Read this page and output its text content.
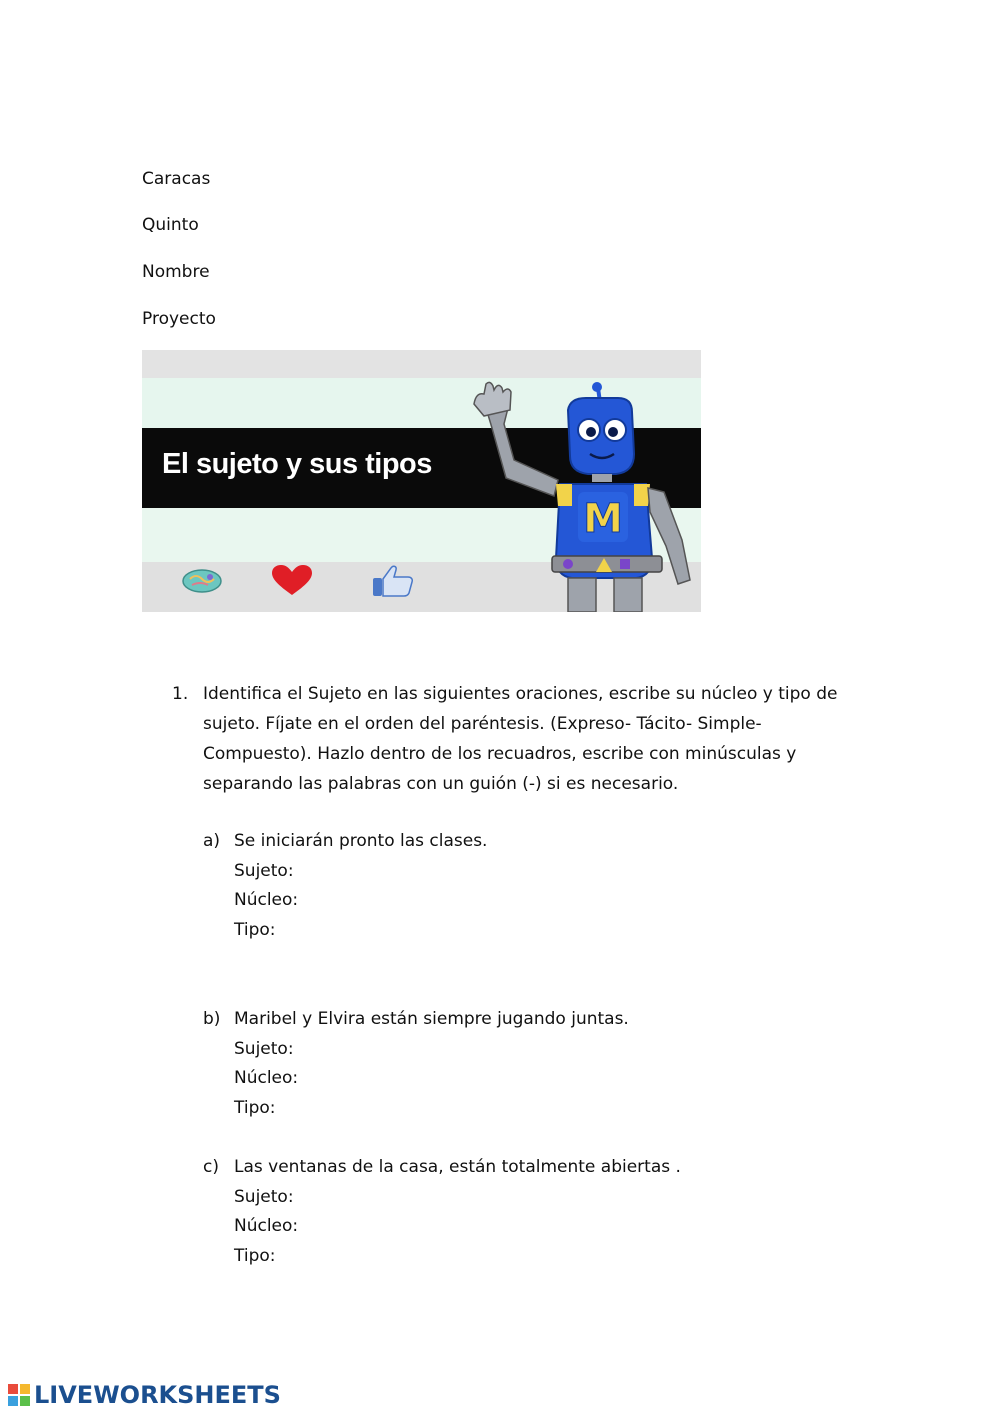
Caracas
Quinto
Nombre
Proyecto
El sujeto y sus tipos
M
1. Identifica el Sujeto en las siguientes oraciones, escribe su núcleo y tipo de sujeto. Fíjate en el orden del paréntesis. (Expreso- Tácito- Simple- Compuesto). Hazlo dentro de los recuadros, escribe con minúsculas y separando las palabras con un guión (-) si es necesario.
a) Se iniciarán pronto las clases.
Sujeto:
Núcleo:
Tipo:
b) Maribel y Elvira están siempre jugando juntas.
Sujeto:
Núcleo:
Tipo:
c) Las ventanas de la casa, están totalmente abiertas .
Sujeto:
Núcleo:
Tipo:
LIVEWORKSHEETS
